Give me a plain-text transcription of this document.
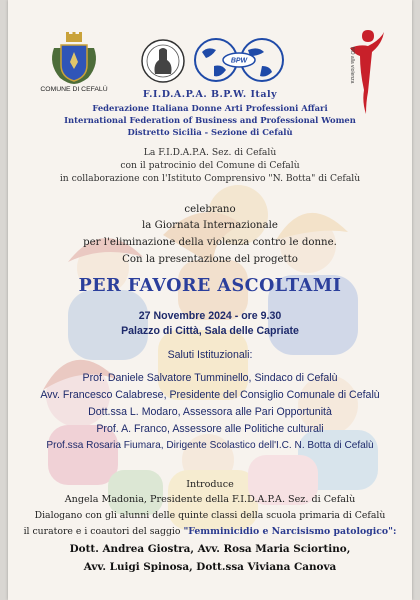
COMUNE DI CEFALÙ
BPW	NO alla violenza
F.I.D.A.P.A. B.P.W. Italy
Federazione Italiana Donne Arti Professioni Affari
International Federation of Business and Professional Women
Distretto Sicilia - Sezione di Cefalù
La F.I.D.A.P.A. Sez. di Cefalù
con il patrocinio del Comune di Cefalù
in collaborazione con l'Istituto Comprensivo "N. Botta" di Cefalù
celebrano
la Giornata Internazionale
per l'eliminazione della violenza contro le donne.
Con la presentazione del progetto
PER FAVORE ASCOLTAMI
27 Novembre 2024 - ore 9.30
Palazzo di Città, Sala delle Capriate
Saluti Istituzionali:
Prof. Daniele Salvatore Tumminello, Sindaco di Cefalù
Avv. Francesco Calabrese, Presidente del Consiglio Comunale di Cefalù
Dott.ssa L. Modaro, Assessora alle Pari Opportunità
Prof. A. Franco, Assessore alle Politiche culturali
Prof.ssa Rosaria Fiumara, Dirigente Scolastico dell'I.C. N. Botta di Cefalù
Introduce
Angela Madonia, Presidente della F.I.D.A.P.A. Sez. di Cefalù
Dialogano con gli alunni delle quinte classi della scuola primaria di Cefalù
il curatore e i coautori del saggio "Femminicidio e Narcisismo patologico":
Dott. Andrea Giostra, Avv. Rosa Maria Sciortino,
Avv. Luigi Spinosa, Dott.ssa Viviana Canova
